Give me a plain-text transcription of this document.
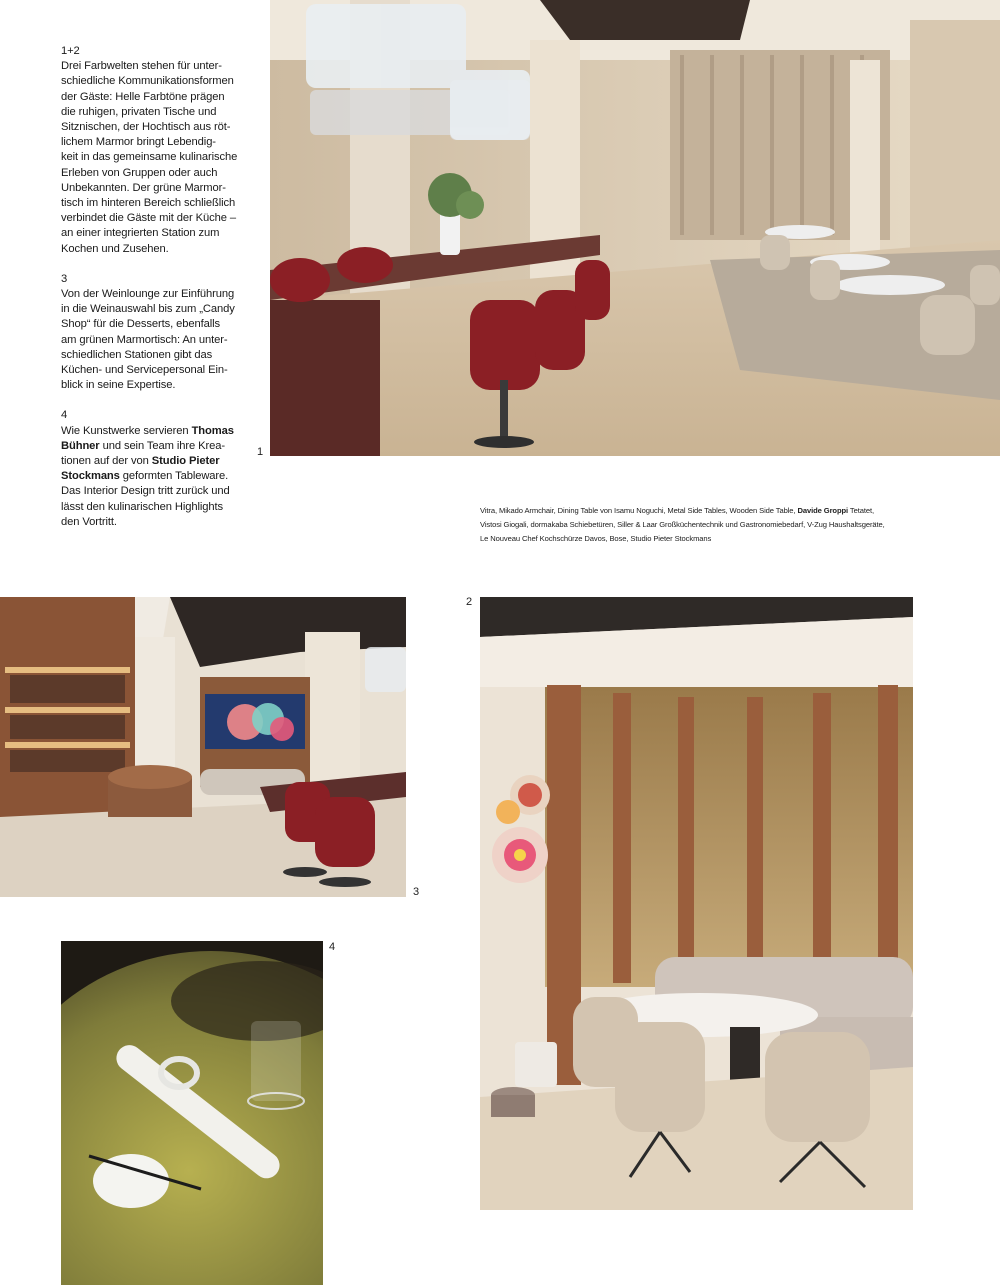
1+2
Drei Farbwelten stehen für unter-
schiedliche Kommunikationsformen
der Gäste: Helle Farbtöne prägen
die ruhigen, privaten Tische und
Sitznischen, der Hochtisch aus röt-
lichem Marmor bringt Lebendig-
keit in das gemeinsame kulinarische
Erleben von Gruppen oder auch
Unbekannten. Der grüne Marmor-
tisch im hinteren Bereich schließlich
verbindet die Gäste mit der Küche –
an einer integrierten Station zum
Kochen und Zusehen.

3
Von der Weinlounge zur Einführung
in die Weinauswahl bis zum „Candy
Shop“ für die Desserts, ebenfalls
am grünen Marmortisch: An unter-
schiedlichen Stationen gibt das
Küchen- und Servicepersonal Ein-
blick in seine Expertise.

4
Wie Kunstwerke servieren Thomas
Bühner und sein Team ihre Krea-
tionen auf der von Studio Pieter
Stockmans geformten Tableware.
Das Interior Design tritt zurück und
lässt den kulinarischen Highlights
den Vortritt.

1
Vitra, Mikado Armchair, Dining Table von Isamu Noguchi, Metal Side Tables, Wooden Side Table, Davide Groppi Tetatet,
Vistosi Giogali, dormakaba Schiebetüren, Siller & Laar Großküchentechnik und Gastronomiebedarf, V-Zug Haushaltsgeräte,
Le Nouveau Chef Kochschürze Davos, Bose, Studio Pieter Stockmans
3
2
4
